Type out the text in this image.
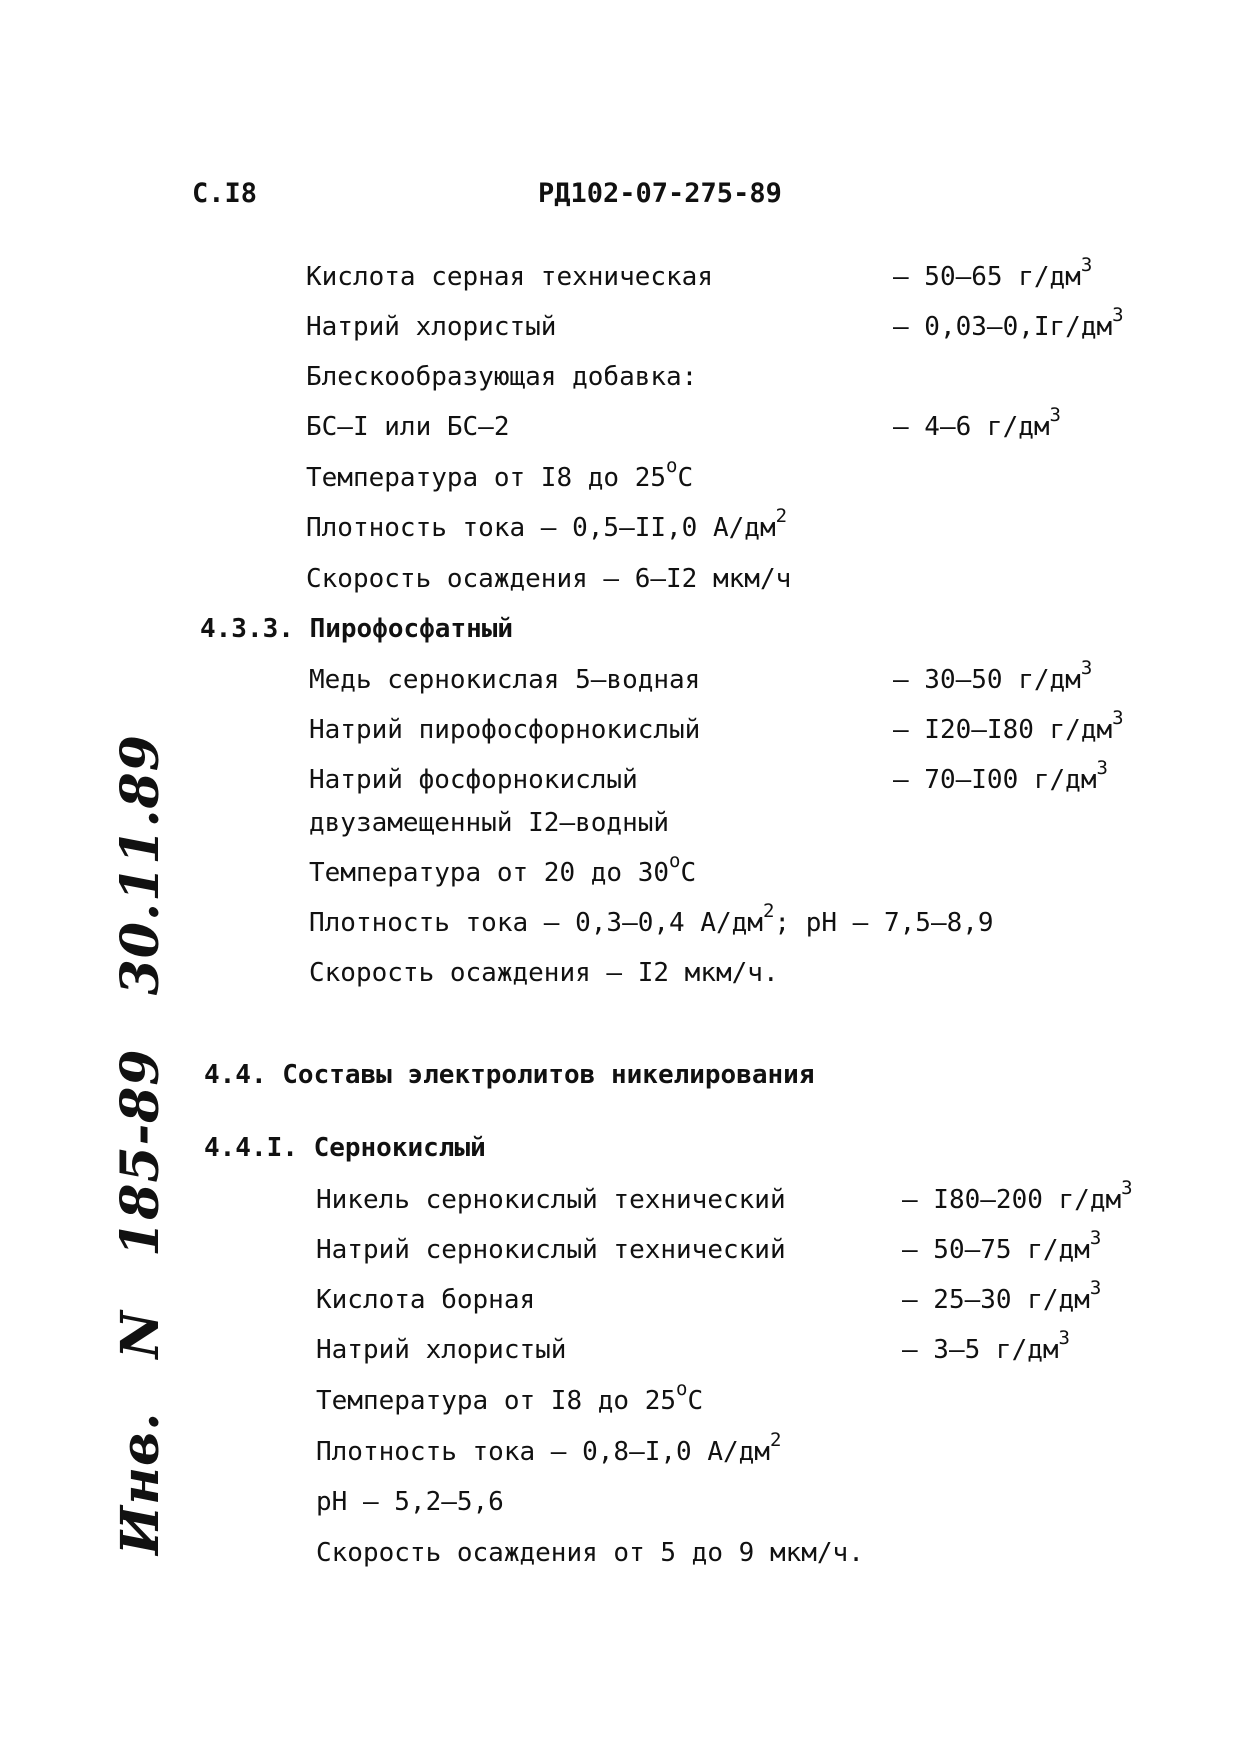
С.I8	РД102-07-275-89
Кислота серная техническая	– 50–65 $г/дм^3$
Натрий хлористый	– $0,03-0,Iг/дм^3$
Блескообразующая добавка:
БС–I или БС–2	– 4–6 $г/дм^3$
Температура от I8 до 25$^o$C
Плотность тока – 0,5–II,0 $А/дм^2$
Скорость осаждения – 6–I2 мкм/ч
4.3.3. Пирофосфатный
Медь сернокислая 5–водная	– 30–50 $г/дм^3$
Натрий пирофосфорнокислый	– I20–I80 $г/дм^3$
Натрий фосфорнокислый	– 70–I00 $г/дм^3$
двузамещенный I2–водный
Температура от 20 до 30$^o$C
Плотность тока – 0,3–0,4 $А/дм^2$; рН – 7,5–8,9
Скорость осаждения – I2 мкм/ч.
4.4. Составы электролитов никелирования
4.4.I. Сернокислый
Никель сернокислый технический	– I80–200 $г/дм^3$
Натрий сернокислый технический	– 50–75 $г/дм^3$
Кислота борная	– 25–30 $г/дм^3$
Натрий хлористый	– 3–5 $г/дм^3$
Температура от I8 до 25$^o$C
Плотность тока – 0,8–I,0 $А/дм^2$
рН – 5,2–5,6
Скорость осаждения от 5 до 9 мкм/ч.
Инв. N 185-89 30.11.89
